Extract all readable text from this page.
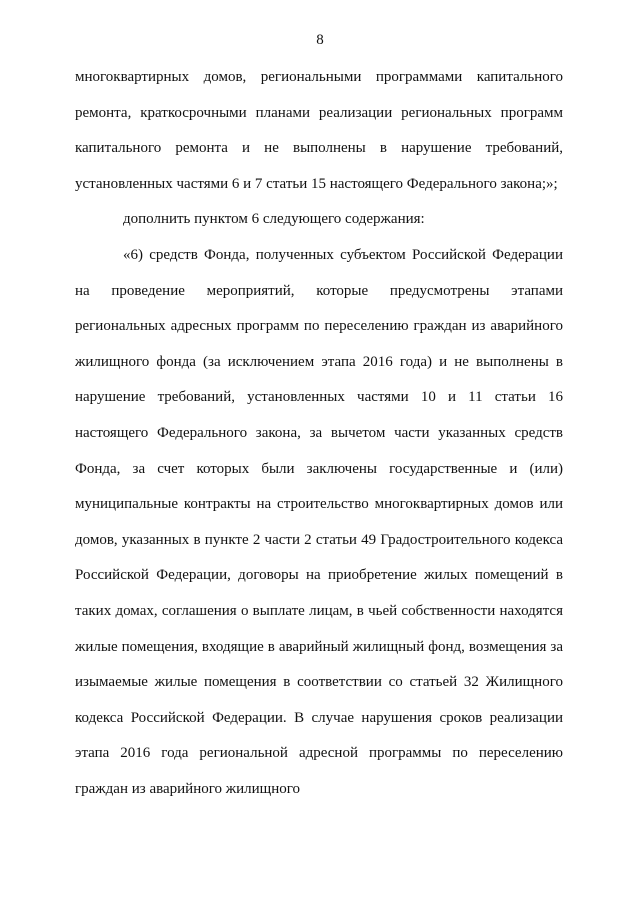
8

многоквартирных домов, региональными программами капитального ремонта, краткосрочными планами реализации региональных программ капитального ремонта и не выполнены в нарушение требований, установленных частями 6 и 7 статьи 15 настоящего Федерального закона;»;

дополнить пунктом 6 следующего содержания:

«6) средств Фонда, полученных субъектом Российской Федерации на проведение мероприятий, которые предусмотрены этапами региональных адресных программ по переселению граждан из аварийного жилищного фонда (за исключением этапа 2016 года) и не выполнены в нарушение требований, установленных частями 10 и 11 статьи 16 настоящего Федерального закона, за вычетом части указанных средств Фонда, за счет которых были заключены государственные и (или) муниципальные контракты на строительство многоквартирных домов или домов, указанных в пункте 2 части 2 статьи 49 Градостроительного кодекса Российской Федерации, договоры на приобретение жилых помещений в таких домах, соглашения о выплате лицам, в чьей собственности находятся жилые помещения, входящие в аварийный жилищный фонд, возмещения за изымаемые жилые помещения в соответствии со статьей 32 Жилищного кодекса Российской Федерации. В случае нарушения сроков реализации этапа 2016 года региональной адресной программы по переселению граждан из аварийного жилищного
